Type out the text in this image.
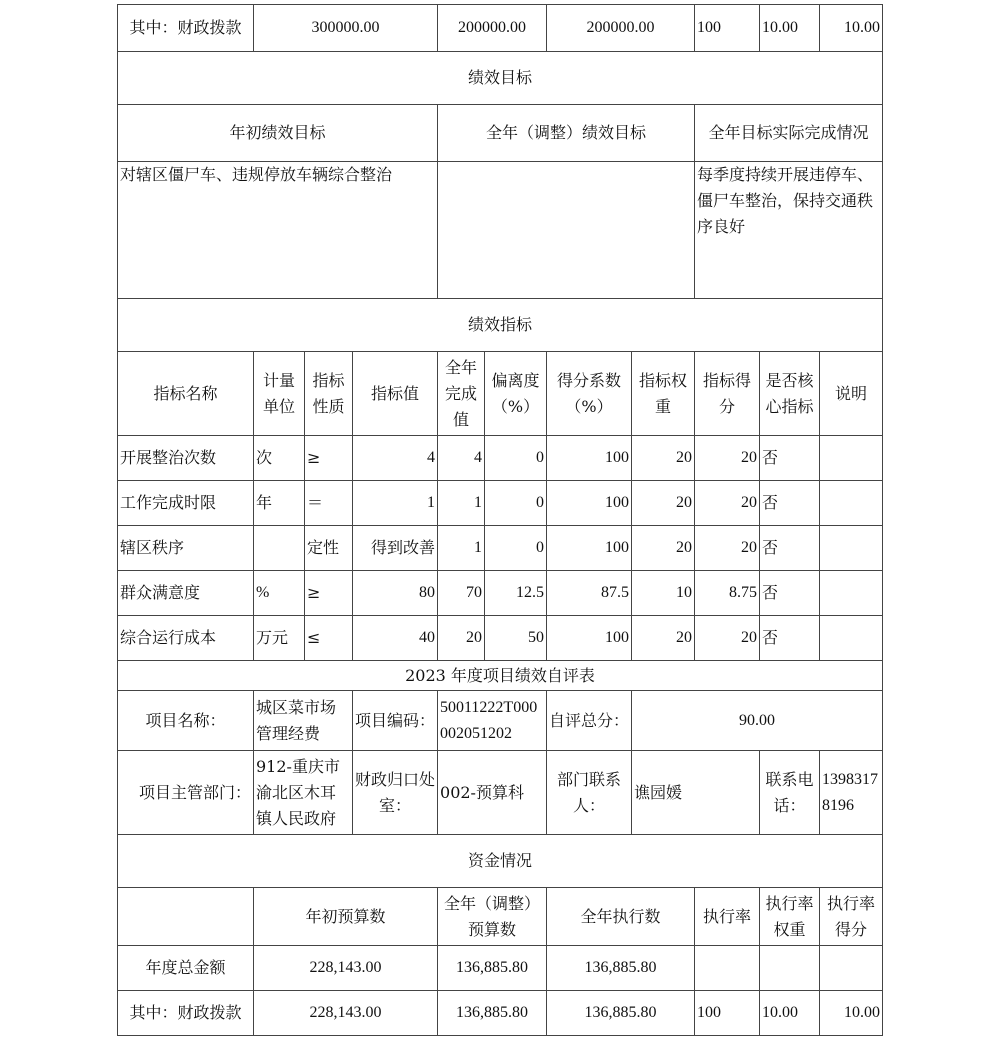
其中：财政拨款	300000.00			200000.00		200000.00		100	10.00	10.00
绩效目标										
年初绩效目标				全年（调整）绩效目标				全年目标实际完成情况		
对辖区僵尸车、违规停放车辆综合整治								每季度持续开展违停车、僵尸车整治，保持交通秩序良好		
绩效指标										
指标名称	计量单位	指标性质	指标值	全年完成值	偏离度（%）	得分系数（%）	指标权重	指标得分	是否核心指标	说明
开展整治次数	次	≥	4	4	0	100	20	20	否	
工作完成时限	年	＝	1	1	0	100	20	20	否	
辖区秩序		定性	得到改善	1	0	100	20	20	否	
群众满意度	%	≥	80	70	12.5	87.5	10	8.75	否	
综合运行成本	万元	≤	40	20	50	100	20	20	否	
2023 年度项目绩效自评表										
项目名称：	城区菜市场管理经费		项目编码：	50011222T000002051202		自评总分：	90.00			
项目主管部门：	912-重庆市渝北区木耳镇人民政府		财政归口处室：	002-预算科		部门联系人：	谯园媛		联系电话：	13983178196
资金情况										
	年初预算数			全年（调整）预算数		全年执行数		执行率	执行率权重	执行率得分
年度总金额	228,143.00			136,885.80		136,885.80				
其中：财政拨款	228,143.00			136,885.80		136,885.80		100	10.00	10.00
